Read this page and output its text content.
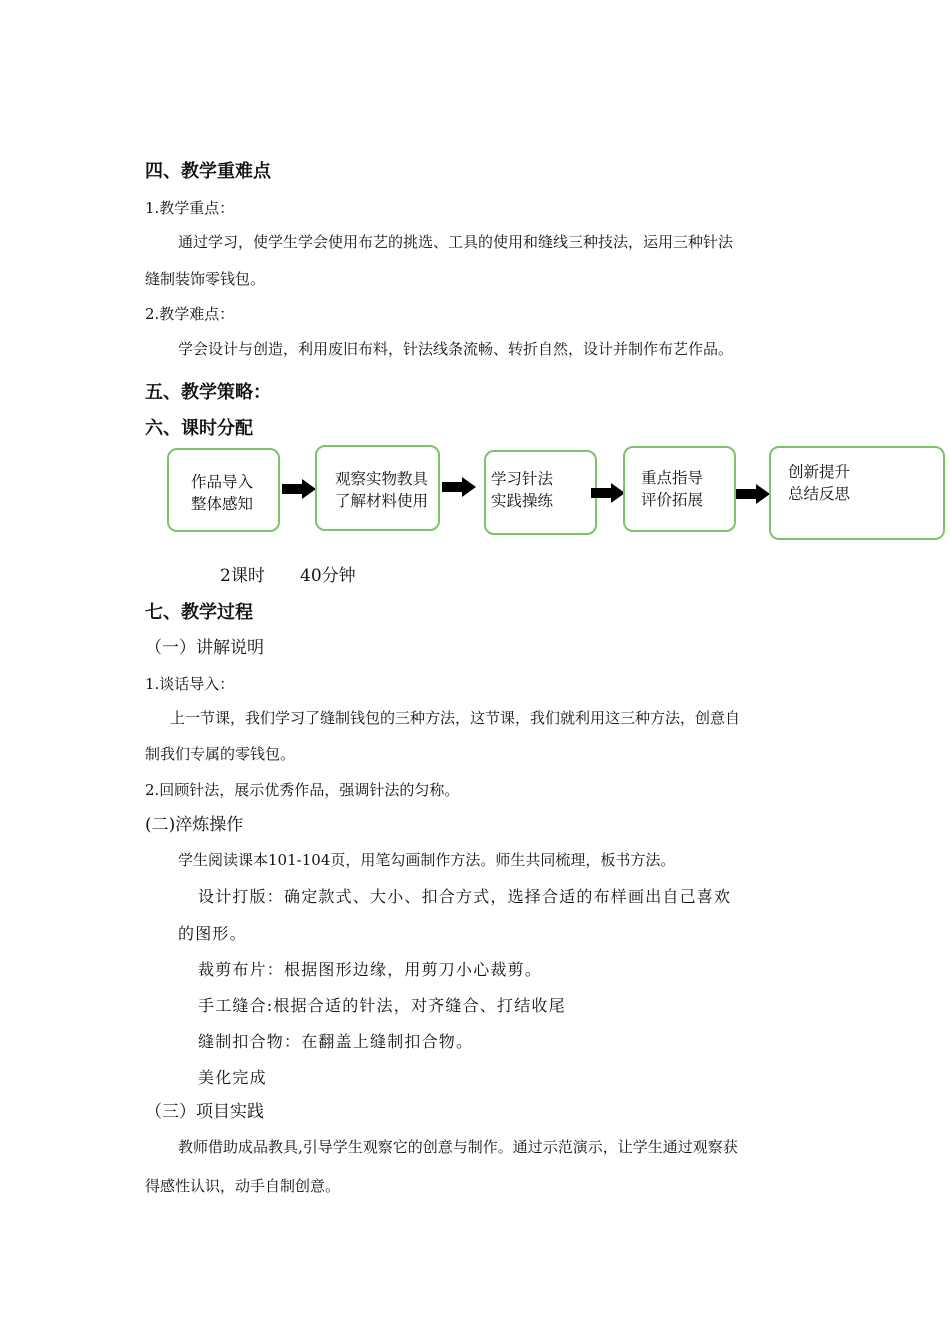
四、教学重难点
1.教学重点：
通过学习，使学生学会使用布艺的挑选、工具的使用和缝线三种技法，运用三种针法
缝制装饰零钱包。
2.教学难点：
学会设计与创造，利用废旧布料，针法线条流畅、转折自然，设计并制作布艺作品。
五、教学策略：
六、课时分配
作品导入
整体感知
观察实物教具
了解材料使用
学习针法
实践操练
重点指导
评价拓展
创新提升
总结反思
2课时 40分钟
七、教学过程
（一）讲解说明
1.谈话导入：
上一节课，我们学习了缝制钱包的三种方法，这节课，我们就利用这三种方法，创意自
制我们专属的零钱包。
2.回顾针法，展示优秀作品，强调针法的匀称。
(二)淬炼操作
学生阅读课本101-104页，用笔勾画制作方法。师生共同梳理，板书方法。
设计打版：确定款式、大小、扣合方式，选择合适的布样画出自己喜欢
的图形。
裁剪布片：根据图形边缘，用剪刀小心裁剪。
手工缝合:根据合适的针法，对齐缝合、打结收尾
缝制扣合物：在翻盖上缝制扣合物。
美化完成
（三）项目实践
教师借助成品教具,引导学生观察它的创意与制作。通过示范演示，让学生通过观察获
得感性认识，动手自制创意。
